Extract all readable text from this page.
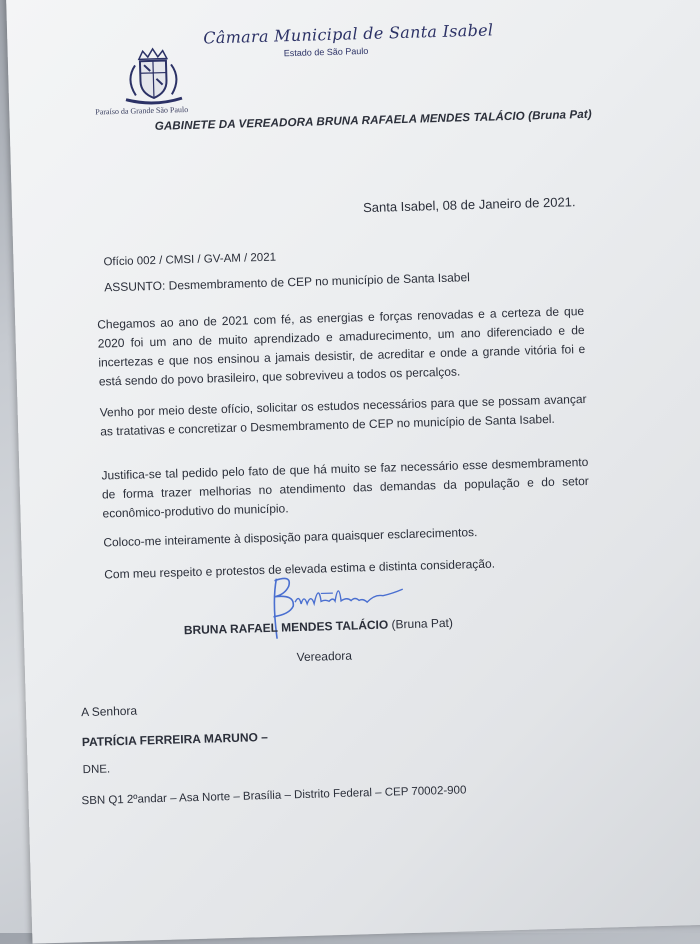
Paraíso da Grande São Paulo
Câmara Municipal de Santa Isabel
Estado de São Paulo
GABINETE DA VEREADORA BRUNA RAFAELA MENDES TALÁCIO (Bruna Pat)
Santa Isabel, 08 de Janeiro de 2021.
Ofício 002 / CMSI / GV-AM / 2021
ASSUNTO: Desmembramento de CEP no município de Santa Isabel
Chegamos ao ano de 2021 com fé, as energias e forças renovadas e a certeza de que 2020 foi um ano de muito aprendizado e amadurecimento, um ano diferenciado e de incertezas e que nos ensinou a jamais desistir, de acreditar e onde a grande vitória foi e está sendo do povo brasileiro, que sobreviveu a todos os percalços.
Venho por meio deste ofício, solicitar os estudos necessários para que se possam avançar as tratativas e concretizar o Desmembramento de CEP no município de Santa Isabel.
Justifica-se tal pedido pelo fato de que há muito se faz necessário esse desmembramento de forma trazer melhorias no atendimento das demandas da população e do setor econômico-produtivo do município.
Coloco-me inteiramente à disposição para quaisquer esclarecimentos.
Com meu respeito e protestos de elevada estima e distinta consideração.
BRUNA RAFAEL MENDES TALÁCIO (Bruna Pat)
Vereadora
A Senhora
PATRÍCIA FERREIRA MARUNO –
DNE.
SBN Q1 2ºandar – Asa Norte – Brasília – Distrito Federal – CEP 70002-900
